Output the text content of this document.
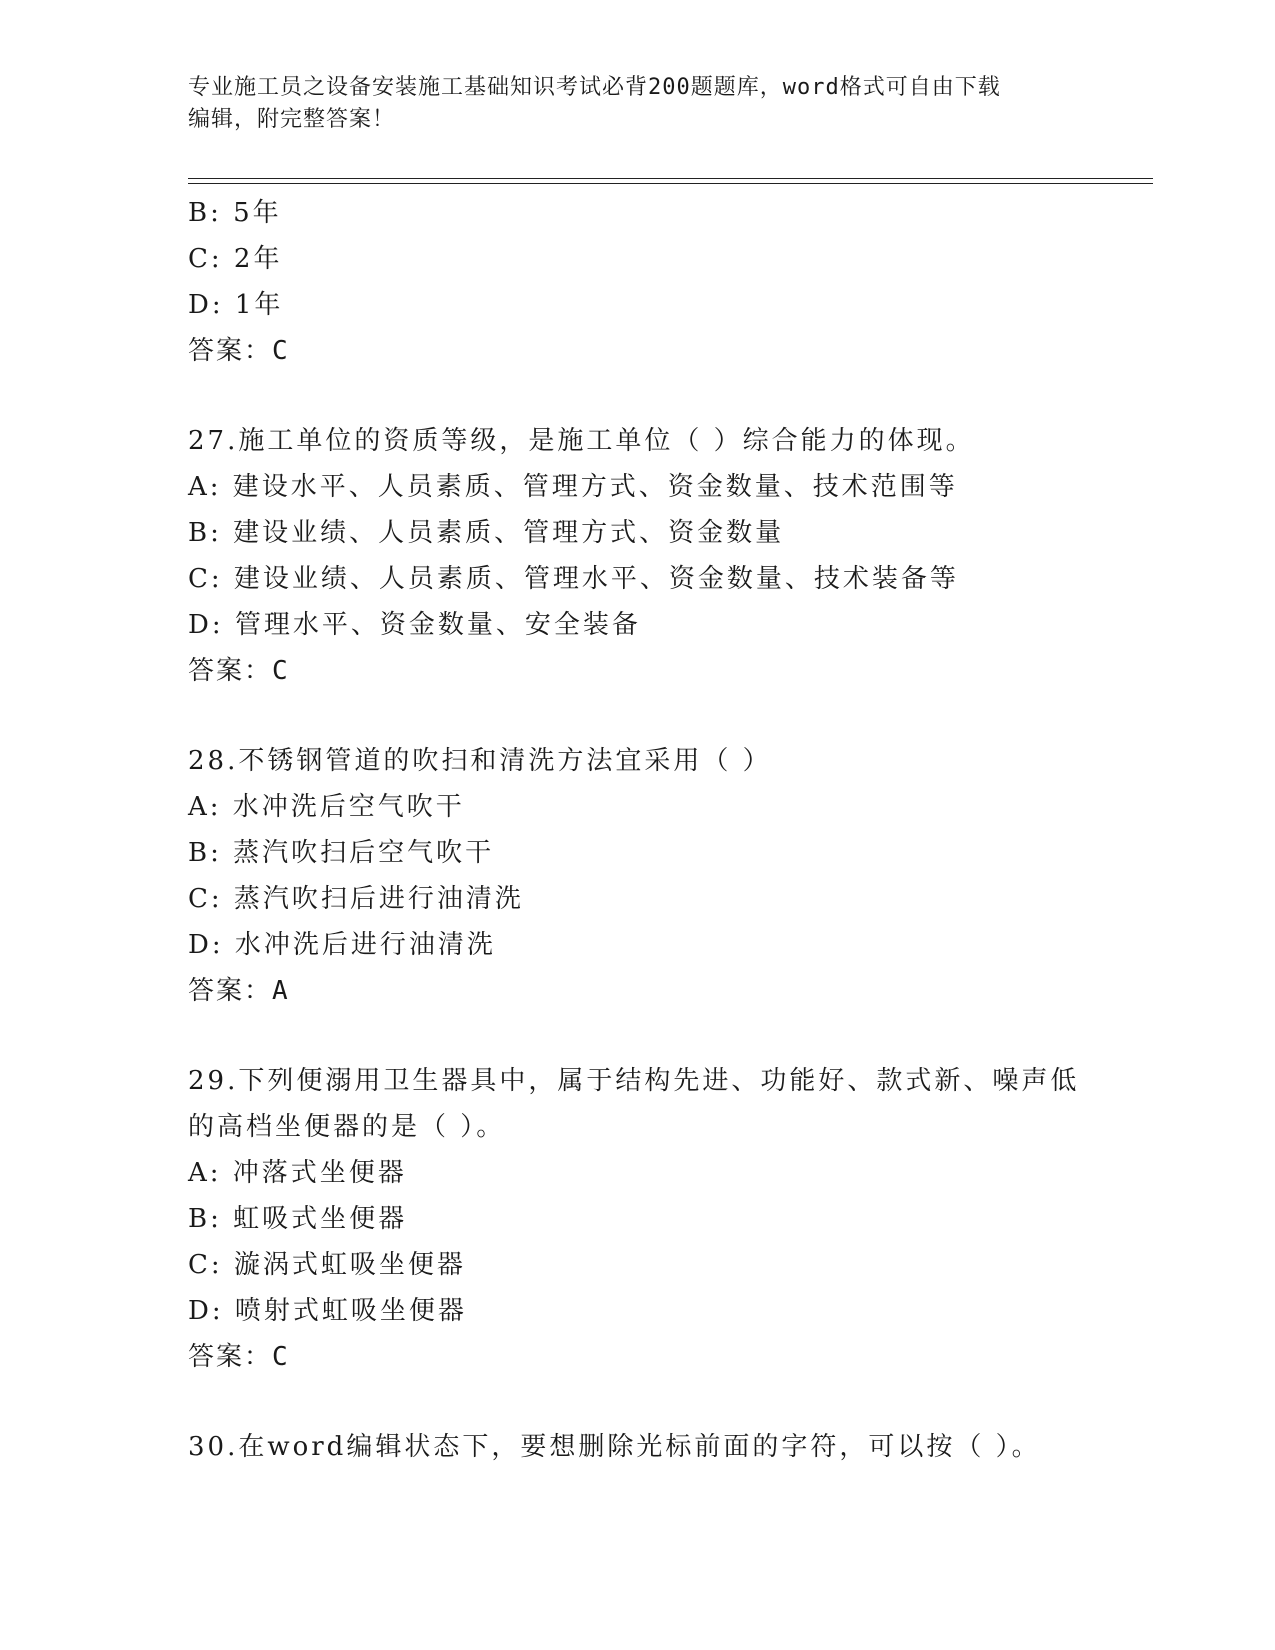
专业施工员之设备安装施工基础知识考试必背200题题库，word格式可自由下载
编辑，附完整答案！
B: 5年
C: 2年
D: 1年
答案：C
27.施工单位的资质等级，是施工单位（ ）综合能力的体现。
A: 建设水平、人员素质、管理方式、资金数量、技术范围等
B: 建设业绩、人员素质、管理方式、资金数量
C: 建设业绩、人员素质、管理水平、资金数量、技术装备等
D: 管理水平、资金数量、安全装备
答案：C
28.不锈钢管道的吹扫和清洗方法宜采用（ ）
A: 水冲洗后空气吹干
B: 蒸汽吹扫后空气吹干
C: 蒸汽吹扫后进行油清洗
D: 水冲洗后进行油清洗
答案：A
29.下列便溺用卫生器具中，属于结构先进、功能好、款式新、噪声低
的高档坐便器的是（ ）。
A: 冲落式坐便器
B: 虹吸式坐便器
C: 漩涡式虹吸坐便器
D: 喷射式虹吸坐便器
答案：C
30.在word编辑状态下，要想删除光标前面的字符，可以按（ ）。
